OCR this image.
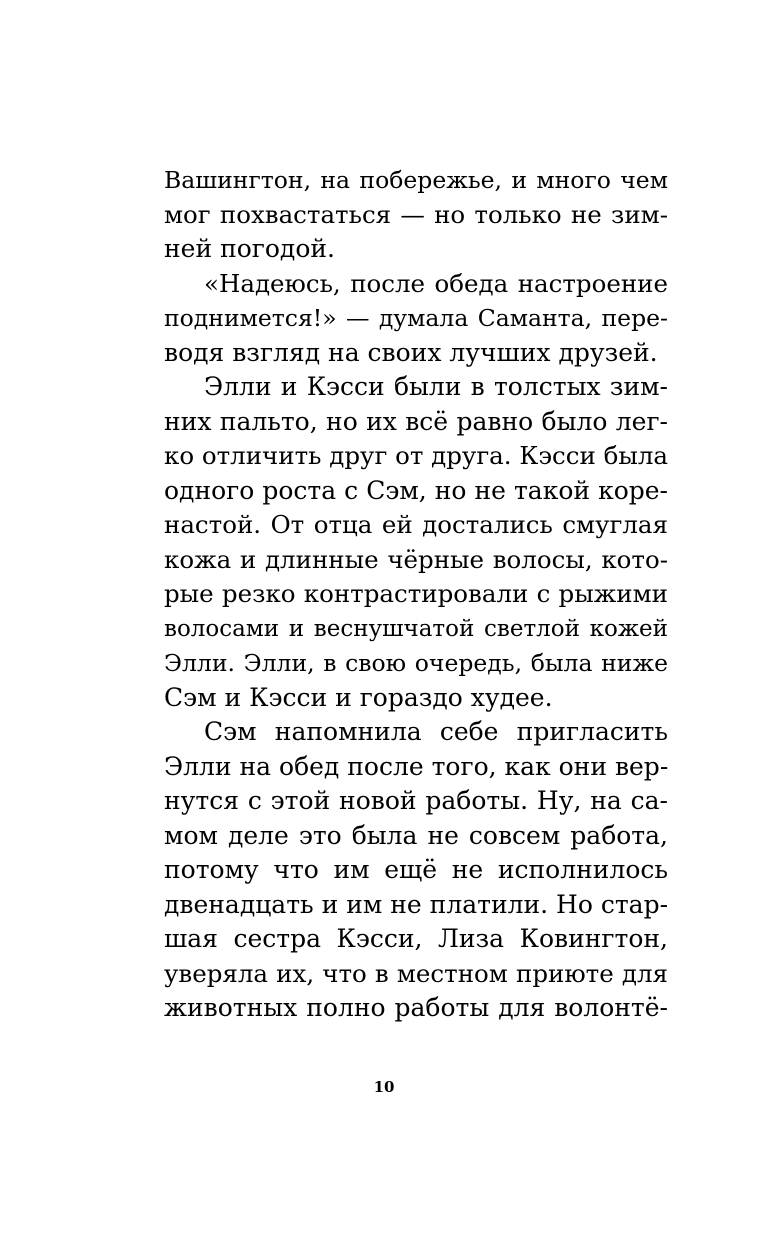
Вашингтон, на побережье, и много чем
мог похвастаться — но только не зим-
ней погодой.
«Надеюсь, после обеда настроение
поднимется!» — думала Саманта, пере-
водя взгляд на своих лучших друзей.
Элли и Кэсси были в толстых зим-
них пальто, но их всё равно было лег-
ко отличить друг от друга. Кэсси была
одного роста с Сэм, но не такой коре-
настой. От отца ей достались смуглая
кожа и длинные чёрные волосы, кото-
рые резко контрастировали с рыжими
волосами и веснушчатой светлой кожей
Элли. Элли, в свою очередь, была ниже
Сэм и Кэсси и гораздо худее.
Сэм напомнила себе пригласить
Элли на обед после того, как они вер-
нутся с этой новой работы. Ну, на са-
мом деле это была не совсем работа,
потому что им ещё не исполнилось
двенадцать и им не платили. Но стар-
шая сестра Кэсси, Лиза Ковингтон,
уверяла их, что в местном приюте для
животных полно работы для волонтё-
10
